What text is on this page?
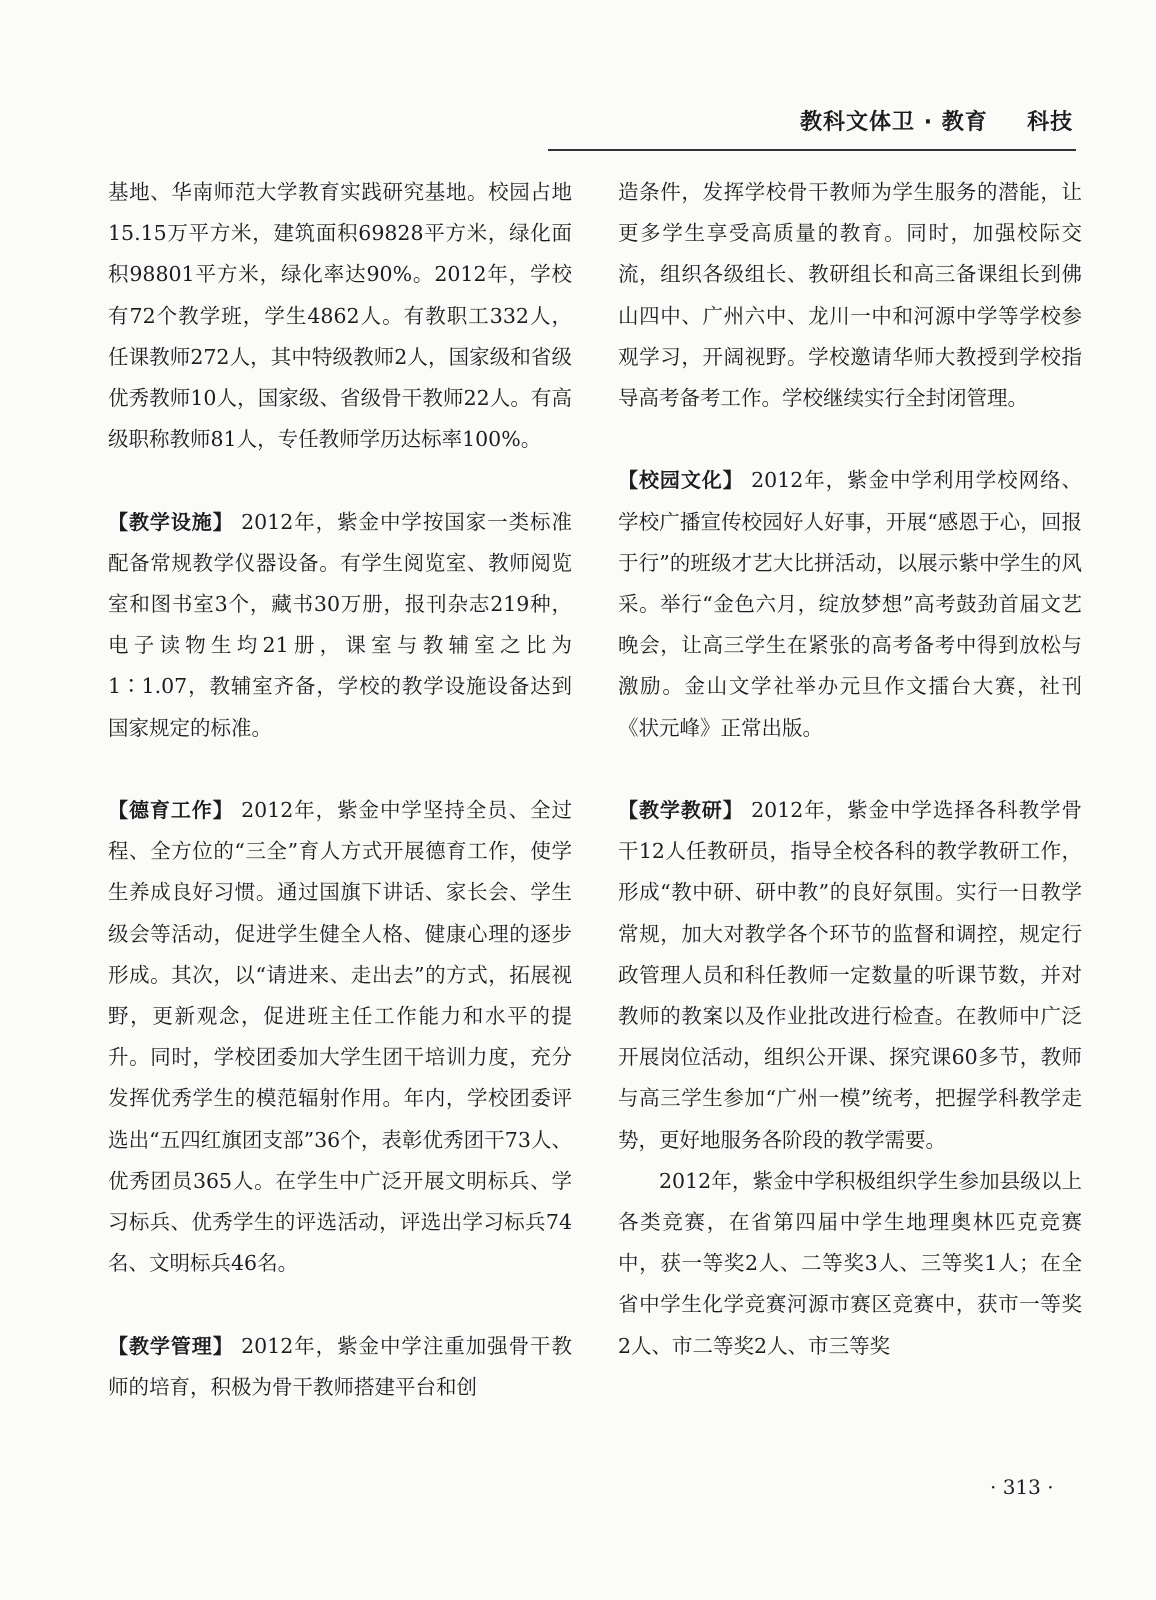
教科文体卫 · 教育 科技

基地、华南师范大学教育实践研究基地。校园占地15.15万平方米，建筑面积69828平方米，绿化面积98801平方米，绿化率达90%。2012年，学校有72个教学班，学生4862人。有教职工332人，任课教师272人，其中特级教师2人，国家级和省级优秀教师10人，国家级、省级骨干教师22人。有高级职称教师81人，专任教师学历达标率100%。

【教学设施】 2012年，紫金中学按国家一类标准配备常规教学仪器设备。有学生阅览室、教师阅览室和图书室3个，藏书30万册，报刊杂志219种，电子读物生均21册，课室与教辅室之比为1∶1.07，教辅室齐备，学校的教学设施设备达到国家规定的标准。

【德育工作】 2012年，紫金中学坚持全员、全过程、全方位的“三全”育人方式开展德育工作，使学生养成良好习惯。通过国旗下讲话、家长会、学生级会等活动，促进学生健全人格、健康心理的逐步形成。其次，以“请进来、走出去”的方式，拓展视野，更新观念，促进班主任工作能力和水平的提升。同时，学校团委加大学生团干培训力度，充分发挥优秀学生的模范辐射作用。年内，学校团委评选出“五四红旗团支部”36个，表彰优秀团干73人、优秀团员365人。在学生中广泛开展文明标兵、学习标兵、优秀学生的评选活动，评选出学习标兵74名、文明标兵46名。

【教学管理】 2012年，紫金中学注重加强骨干教师的培育，积极为骨干教师搭建平台和创

造条件，发挥学校骨干教师为学生服务的潜能，让更多学生享受高质量的教育。同时，加强校际交流，组织各级组长、教研组长和高三备课组长到佛山四中、广州六中、龙川一中和河源中学等学校参观学习，开阔视野。学校邀请华师大教授到学校指导高考备考工作。学校继续实行全封闭管理。

【校园文化】 2012年，紫金中学利用学校网络、学校广播宣传校园好人好事，开展“感恩于心，回报于行”的班级才艺大比拼活动，以展示紫中学生的风采。举行“金色六月，绽放梦想”高考鼓劲首届文艺晚会，让高三学生在紧张的高考备考中得到放松与激励。金山文学社举办元旦作文擂台大赛，社刊《状元峰》正常出版。

【教学教研】 2012年，紫金中学选择各科教学骨干12人任教研员，指导全校各科的教学教研工作，形成“教中研、研中教”的良好氛围。实行一日教学常规，加大对教学各个环节的监督和调控，规定行政管理人员和科任教师一定数量的听课节数，并对教师的教案以及作业批改进行检查。在教师中广泛开展岗位活动，组织公开课、探究课60多节，教师与高三学生参加“广州一模”统考，把握学科教学走势，更好地服务各阶段的教学需要。

2012年，紫金中学积极组织学生参加县级以上各类竞赛，在省第四届中学生地理奥林匹克竞赛中，获一等奖2人、二等奖3人、三等奖1人；在全省中学生化学竞赛河源市赛区竞赛中，获市一等奖2人、市二等奖2人、市三等奖

· 313 ·
